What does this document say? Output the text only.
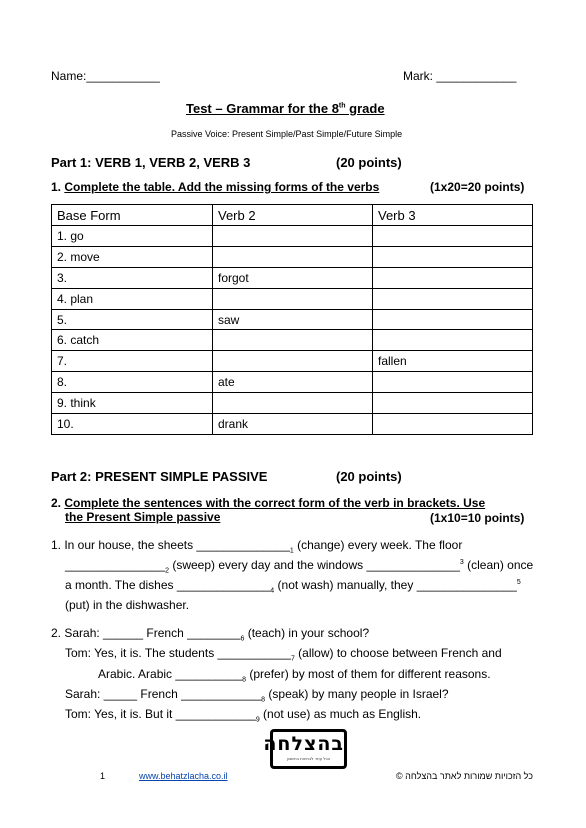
Name:___________	Mark: ____________
Test – Grammar for the 8th grade
Passive Voice: Present Simple/Past Simple/Future Simple
Part 1: VERB 1, VERB 2, VERB 3	(20 points)
1. Complete the table. Add the missing forms of the verbs	(1x20=20 points)
Base Form	Verb 2	Verb 3
1. go		
2. move		
3.	forgot	
4. plan		
5.	saw	
6. catch		
7.		fallen
8.	ate	
9. think		
10.	drank	
Part 2: PRESENT SIMPLE PASSIVE	(20 points)
2. Complete the sentences with the correct form of the verb in brackets. Use
the Present Simple passive	(1x10=10 points)
1. In our house, the sheets $\_\_\_\_\_\_\_\_\_\_\_\_\_\__1$ (change) every week. The floor
$\_\_\_\_\_\_\_\_\_\_\_\_\_\_\__2$ (sweep) every day and the windows ______________$^3$ (clean) once
a month. The dishes $\_\_\_\_\_\_\_\_\_\_\_\_\_\__4$ (not wash) manually, they _______________$^5$
(put) in the dishwasher.
2. Sarah: ______ French $\_\_\_\_\_\_\_\__6$ (teach) in your school?
Tom: Yes, it is. The students $\_\_\_\_\_\_\_\_\_\_\__7$ (allow) to choose between French and
Arabic. Arabic $\_\_\_\_\_\_\_\_\_\__8$ (prefer) by most of them for different reasons.
Sarah: _____ French $\_\_\_\_\_\_\_\_\_\_\_\__8$ (speak) by many people in Israel?
Tom: Yes, it is. But it $\_\_\_\_\_\_\_\_\_\_\_\__9$ (not use) as much as English.
בהצלחה
הכל עוזר לבחינות בחשבון
1	www.behatzlacha.co.il	כל הזכויות שמורות לאתר בהצלחה ©
